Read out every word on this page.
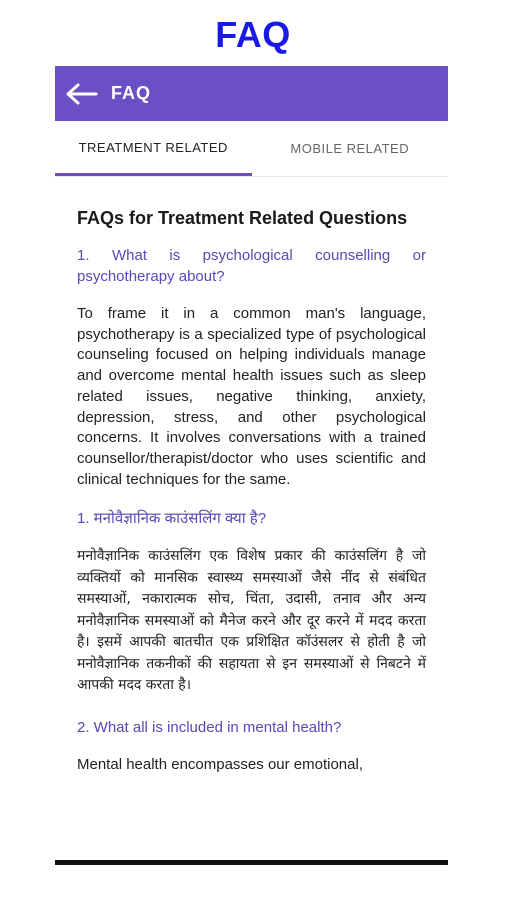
FAQ
FAQ
TREATMENT RELATED	MOBILE RELATED
FAQs for Treatment Related Questions

1. What is psychological counselling or psychotherapy about?

To frame it in a common man's language, psychotherapy is a specialized type of psychological counseling focused on helping individuals manage and overcome mental health issues such as sleep related issues, negative thinking, anxiety, depression, stress, and other psychological concerns. It involves conversations with a trained counsellor/therapist/doctor who uses scientific and clinical techniques for the same.

1. मनोवैज्ञानिक काउंसलिंग क्या है?

मनोवैज्ञानिक काउंसलिंग एक विशेष प्रकार की काउंसलिंग है जो व्यक्तियों को मानसिक स्वास्थ्य समस्याओं जैसे नींद से संबंधित समस्याओं, नकारात्मक सोच, चिंता, उदासी, तनाव और अन्य मनोवैज्ञानिक समस्याओं को मैनेज करने और दूर करने में मदद करता है। इसमें आपकी बातचीत एक प्रशिक्षित कॉउंसलर से होती है जो मनोवैज्ञानिक तकनीकों की सहायता से इन समस्याओं से निबटने में आपकी मदद करता है।

2. What all is included in mental health?

Mental health encompasses our emotional,
